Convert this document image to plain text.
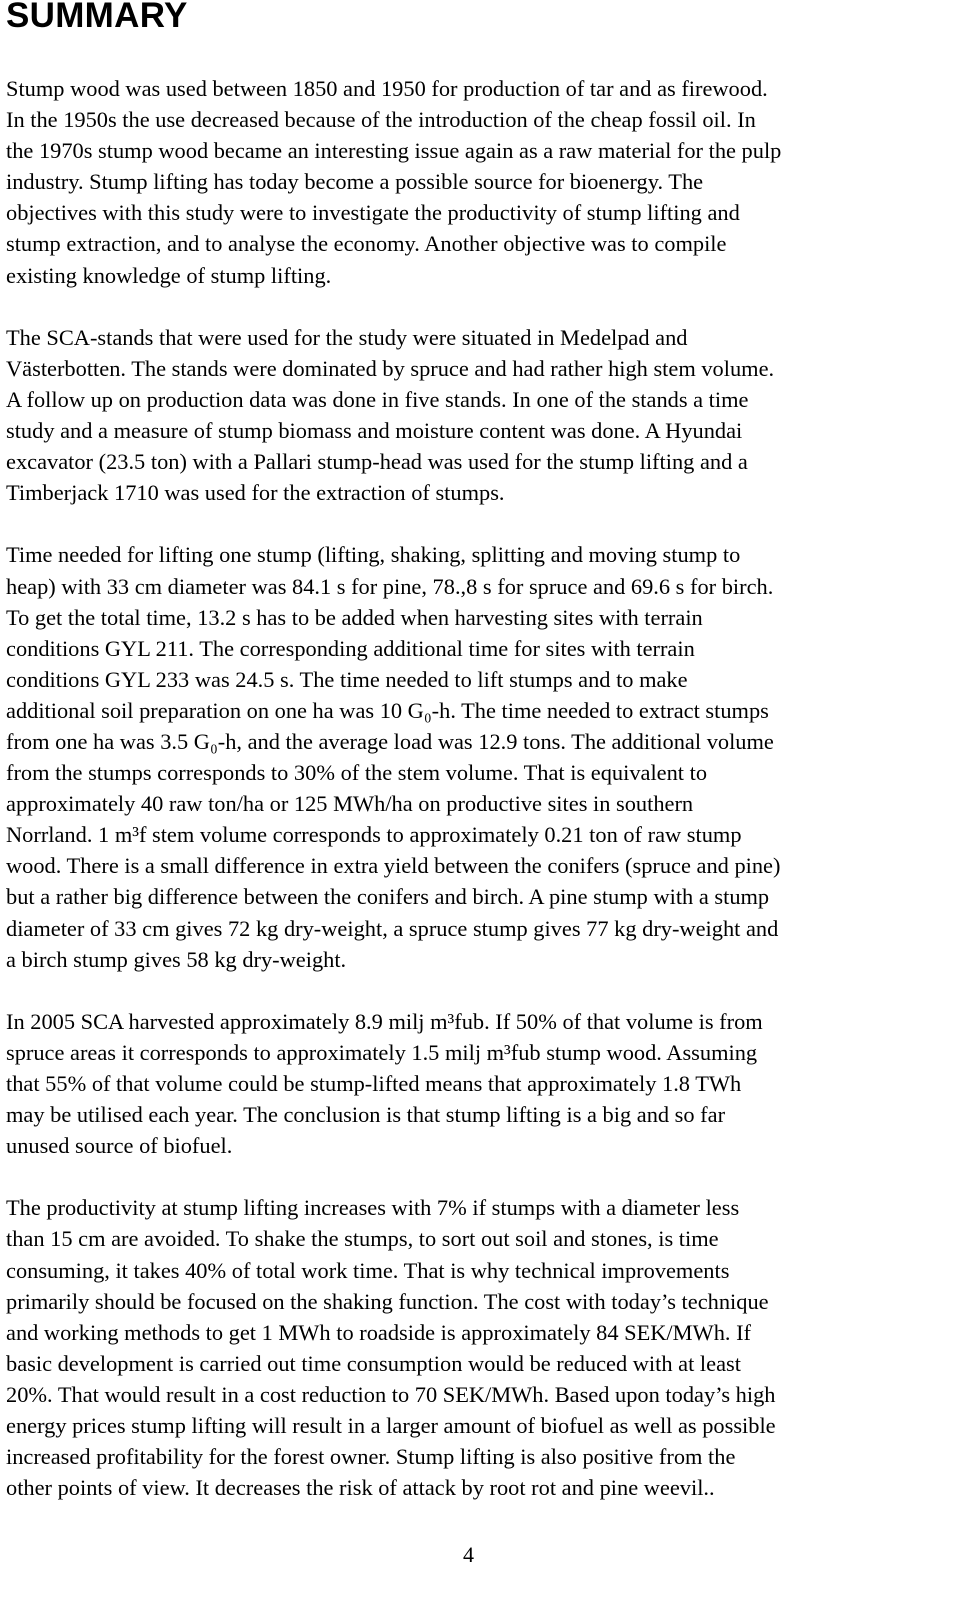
SUMMARY

Stump wood was used between 1850 and 1950 for production of tar and as firewood.
In the 1950s the use decreased because of the introduction of the cheap fossil oil. In
the 1970s stump wood became an interesting issue again as a raw material for the pulp
industry. Stump lifting has today become a possible source for bioenergy. The
objectives with this study were to investigate the productivity of stump lifting and
stump extraction, and to analyse the economy. Another objective was to compile
existing knowledge of stump lifting.

The SCA-stands that were used for the study were situated in Medelpad and
Västerbotten. The stands were dominated by spruce and had rather high stem volume.
A follow up on production data was done in five stands. In one of the stands a time
study and a measure of stump biomass and moisture content was done. A Hyundai
excavator (23.5 ton) with a Pallari stump-head was used for the stump lifting and a
Timberjack 1710 was used for the extraction of stumps.

Time needed for lifting one stump (lifting, shaking, splitting and moving stump to
heap) with 33 cm diameter was 84.1 s for pine, 78.,8 s for spruce and 69.6 s for birch.
To get the total time, 13.2 s has to be added when harvesting sites with terrain
conditions GYL 211. The corresponding additional time for sites with terrain
conditions GYL 233 was 24.5 s. The time needed to lift stumps and to make
additional soil preparation on one ha was 10 G₀-h. The time needed to extract stumps
from one ha was 3.5 G₀-h, and the average load was 12.9 tons. The additional volume
from the stumps corresponds to 30% of the stem volume. That is equivalent to
approximately 40 raw ton/ha or 125 MWh/ha on productive sites in southern
Norrland. 1 m³f stem volume corresponds to approximately 0.21 ton of raw stump
wood. There is a small difference in extra yield between the conifers (spruce and pine)
but a rather big difference between the conifers and birch. A pine stump with a stump
diameter of 33 cm gives 72 kg dry-weight, a spruce stump gives 77 kg dry-weight and
a birch stump gives 58 kg dry-weight.

In 2005 SCA harvested approximately 8.9 milj m³fub. If 50% of that volume is from
spruce areas it corresponds to approximately 1.5 milj m³fub stump wood. Assuming
that 55% of that volume could be stump-lifted means that approximately 1.8 TWh
may be utilised each year. The conclusion is that stump lifting is a big and so far
unused source of biofuel.

The productivity at stump lifting increases with 7% if stumps with a diameter less
than 15 cm are avoided. To shake the stumps, to sort out soil and stones, is time
consuming, it takes 40% of total work time. That is why technical improvements
primarily should be focused on the shaking function. The cost with today’s technique
and working methods to get 1 MWh to roadside is approximately 84 SEK/MWh. If
basic development is carried out time consumption would be reduced with at least
20%. That would result in a cost reduction to 70 SEK/MWh. Based upon today’s high
energy prices stump lifting will result in a larger amount of biofuel as well as possible
increased profitability for the forest owner. Stump lifting is also positive from the
other points of view. It decreases the risk of attack by root rot and pine weevil..

4
